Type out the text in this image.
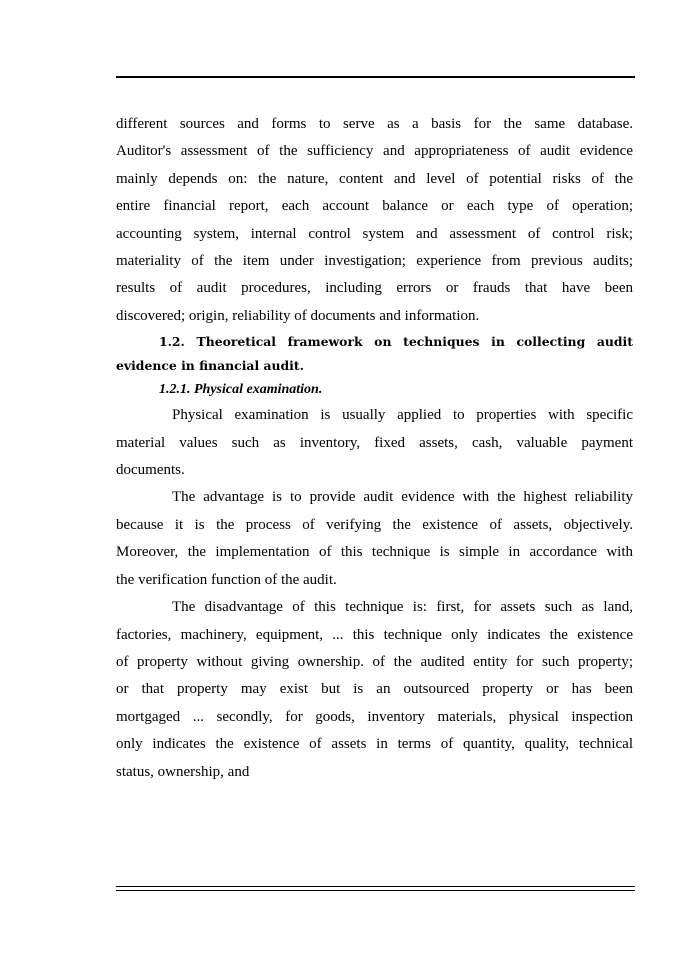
different sources and forms to serve as a basis for the same database.
Auditor's assessment of the sufficiency and appropriateness of audit evidence
mainly depends on: the nature, content and level of potential risks of the
entire financial report, each account balance or each type of operation;
accounting system, internal control system and assessment of control risk;
materiality of the item under investigation; experience from previous audits;
results of audit procedures, including errors or frauds that have been
discovered; origin, reliability of documents and information.
1.2. Theoretical framework on techniques in collecting audit evidence in financial audit.
1.2.1. Physical examination.
Physical examination is usually applied to properties with specific
material values such as inventory, fixed assets, cash, valuable payment
documents.
The advantage is to provide audit evidence with the highest reliability
because it is the process of verifying the existence of assets, objectively.
Moreover, the implementation of this technique is simple in accordance with
the verification function of the audit.
The disadvantage of this technique is: first, for assets such as land,
factories, machinery, equipment, ... this technique only indicates the existence
of property without giving ownership. of the audited entity for such property;
or that property may exist but is an outsourced property or has been
mortgaged ... secondly, for goods, inventory materials, physical inspection
only indicates the existence of assets in terms of quantity, quality, technical
status, ownership, and
